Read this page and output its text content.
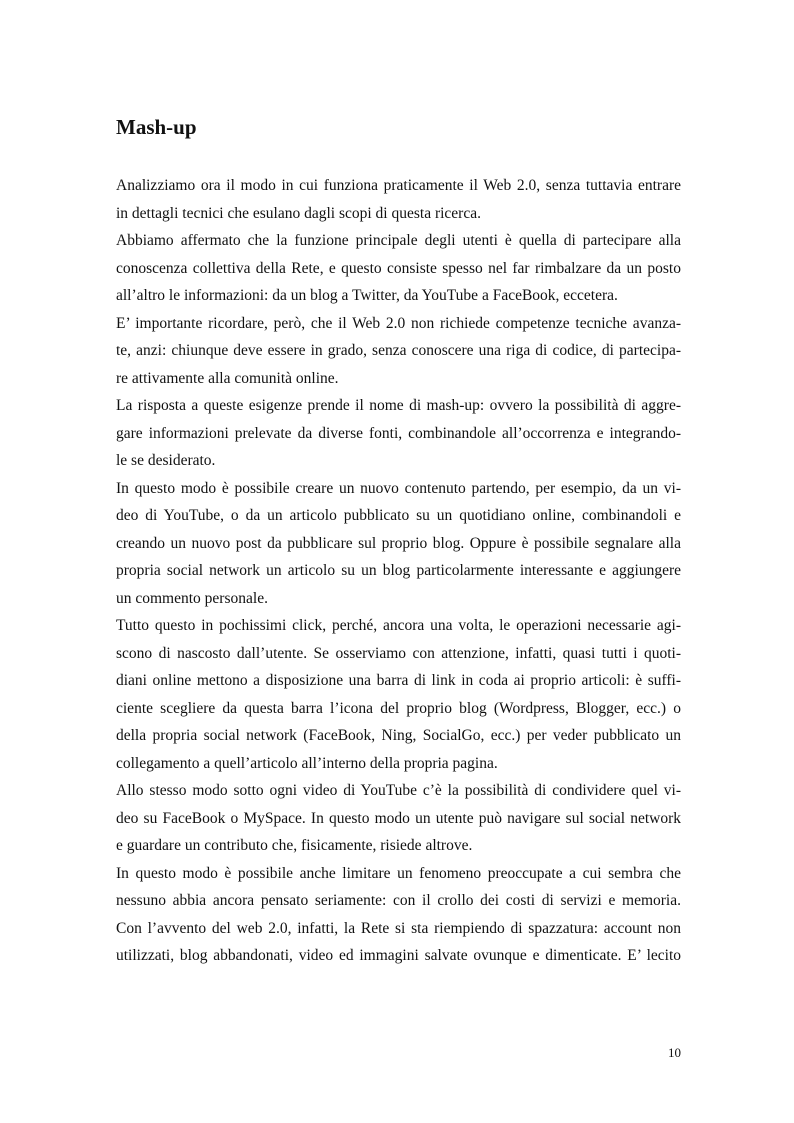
Mash-up
Analizziamo ora il modo in cui funziona praticamente il Web 2.0, senza tuttavia entrare
in dettagli tecnici che esulano dagli scopi di questa ricerca.
Abbiamo affermato che la funzione principale degli utenti è quella di partecipare alla
conoscenza collettiva della Rete, e questo consiste spesso nel far rimbalzare da un posto
all’altro le informazioni: da un blog a Twitter, da YouTube a FaceBook, eccetera.
E’ importante ricordare, però, che il Web 2.0 non richiede competenze tecniche avanza-
te, anzi: chiunque deve essere in grado, senza conoscere una riga di codice, di partecipa-
re attivamente alla comunità online.
La risposta a queste esigenze prende il nome di mash-up: ovvero la possibilità di aggre-
gare informazioni prelevate da diverse fonti, combinandole all’occorrenza e integrando-
le se desiderato.
In questo modo è possibile creare un nuovo contenuto partendo, per esempio, da un vi-
deo di YouTube, o da un articolo pubblicato su un quotidiano online, combinandoli e
creando un nuovo post da pubblicare sul proprio blog. Oppure è possibile segnalare alla
propria social network un articolo su un blog particolarmente interessante e aggiungere
un commento personale.
Tutto questo in pochissimi click, perché, ancora una volta, le operazioni necessarie agi-
scono di nascosto dall’utente. Se osserviamo con attenzione, infatti, quasi tutti i quoti-
diani online mettono a disposizione una barra di link in coda ai proprio articoli: è suffi-
ciente scegliere da questa barra l’icona del proprio blog (Wordpress, Blogger, ecc.) o
della propria social network (FaceBook, Ning, SocialGo, ecc.) per veder pubblicato un
collegamento a quell’articolo all’interno della propria pagina.
Allo stesso modo sotto ogni video di YouTube c’è la possibilità di condividere quel vi-
deo su FaceBook o MySpace. In questo modo un utente può navigare sul social network
e guardare un contributo che, fisicamente, risiede altrove.
In questo modo è possibile anche limitare un fenomeno preoccupate a cui sembra che
nessuno abbia ancora pensato seriamente: con il crollo dei costi di servizi e memoria.
Con l’avvento del web 2.0, infatti, la Rete si sta riempiendo di spazzatura: account non
utilizzati, blog abbandonati, video ed immagini salvate ovunque e dimenticate. E’ lecito
10
